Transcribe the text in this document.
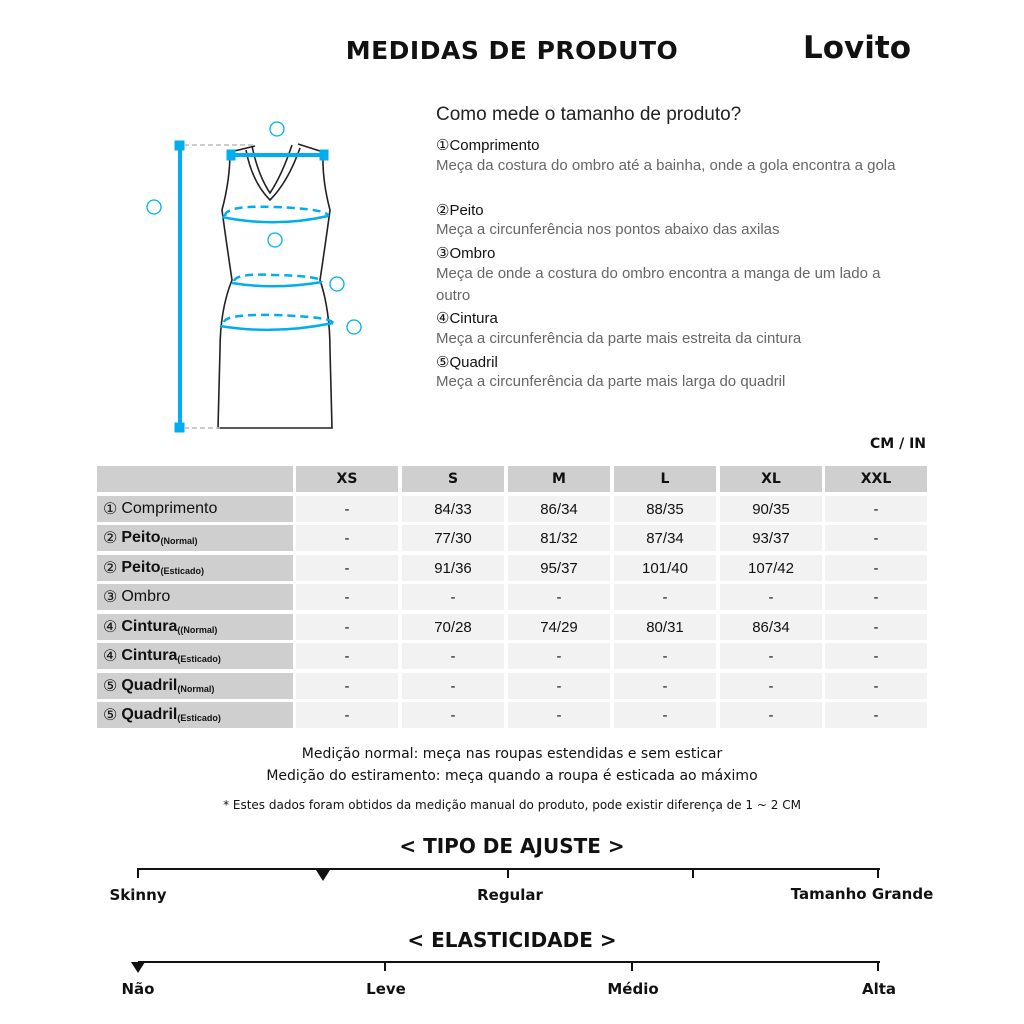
MEDIDAS DE PRODUTO	Lovito
Como mede o tamanho de produto?
①Comprimento
Meça da costura do ombro até a bainha, onde a gola encontra a gola
②Peito
Meça a circunferência nos pontos abaixo das axilas
③Ombro
Meça de onde a costura do ombro encontra a manga de um lado a outro
④Cintura
Meça a circunferência da parte mais estreita da cintura
⑤Quadril
Meça a circunferência da parte mais larga do quadril
CM / IN
XS	S	M	L	XL	XXL
① Comprimento	-	84/33	86/34	88/35	90/35	-
② Peito (Normal)	-	77/30	81/32	87/34	93/37	-
② Peito (Esticado)	-	91/36	95/37	101/40	107/42	-
③ Ombro	-	-	-	-	-	-
④ Cintura ((Normal)	-	70/28	74/29	80/31	86/34	-
④ Cintura (Esticado)	-	-	-	-	-	-
⑤ Quadril (Normal)	-	-	-	-	-	-
⑤ Quadril (Esticado)	-	-	-	-	-	-
Medição normal: meça nas roupas estendidas e sem esticar
Medição do estiramento: meça quando a roupa é esticada ao máximo
* Estes dados foram obtidos da medição manual do produto, pode existir diferença de 1 ~ 2 CM
< TIPO DE AJUSTE >
Skinny	Regular	Tamanho Grande
< ELASTICIDADE >
Não	Leve	Médio	Alta
